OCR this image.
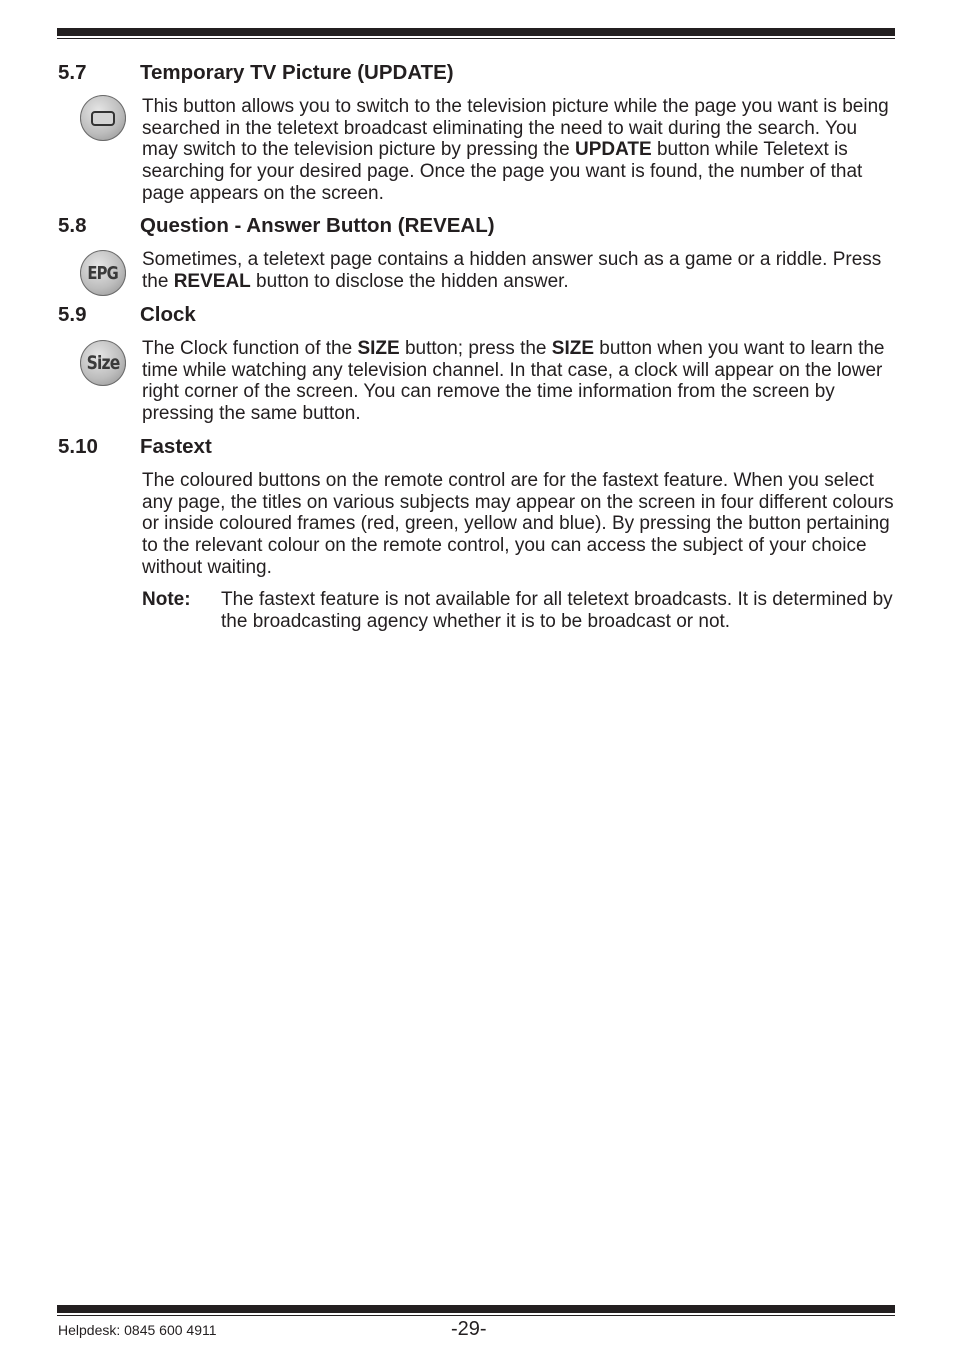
5.7	Temporary TV Picture (UPDATE)

This button allows you to switch to the television picture while the page you want is being searched in the teletext broadcast eliminating the need to wait during the search. You may switch to the television picture by pressing the UPDATE button while Teletext is searching for your desired page. Once the page you want is found, the number of that page appears on the screen.

5.8	Question - Answer Button (REVEAL)
EPG

Sometimes, a teletext page contains a hidden answer such as a game or a riddle. Press the REVEAL button to disclose the hidden answer.

5.9	Clock
Size

The Clock function of the SIZE button; press the SIZE button when you want to learn the time while watching any television channel. In that case, a clock will appear on the lower right corner of the screen. You can remove the time information from the screen by pressing the same button.

5.10 Fastext

The coloured buttons on the remote control are for the fastext feature. When you select any page, the titles on various subjects may appear on the screen in four different colours or inside coloured frames (red, green, yellow and blue). By pressing the button pertaining to the relevant colour on the remote control, you can access the subject of your choice without waiting.

Note: The fastext feature is not available for all teletext broadcasts. It is determined by the broadcasting agency whether it is to be broadcast or not.
Helpdesk: 0845 600 4911	-29-
